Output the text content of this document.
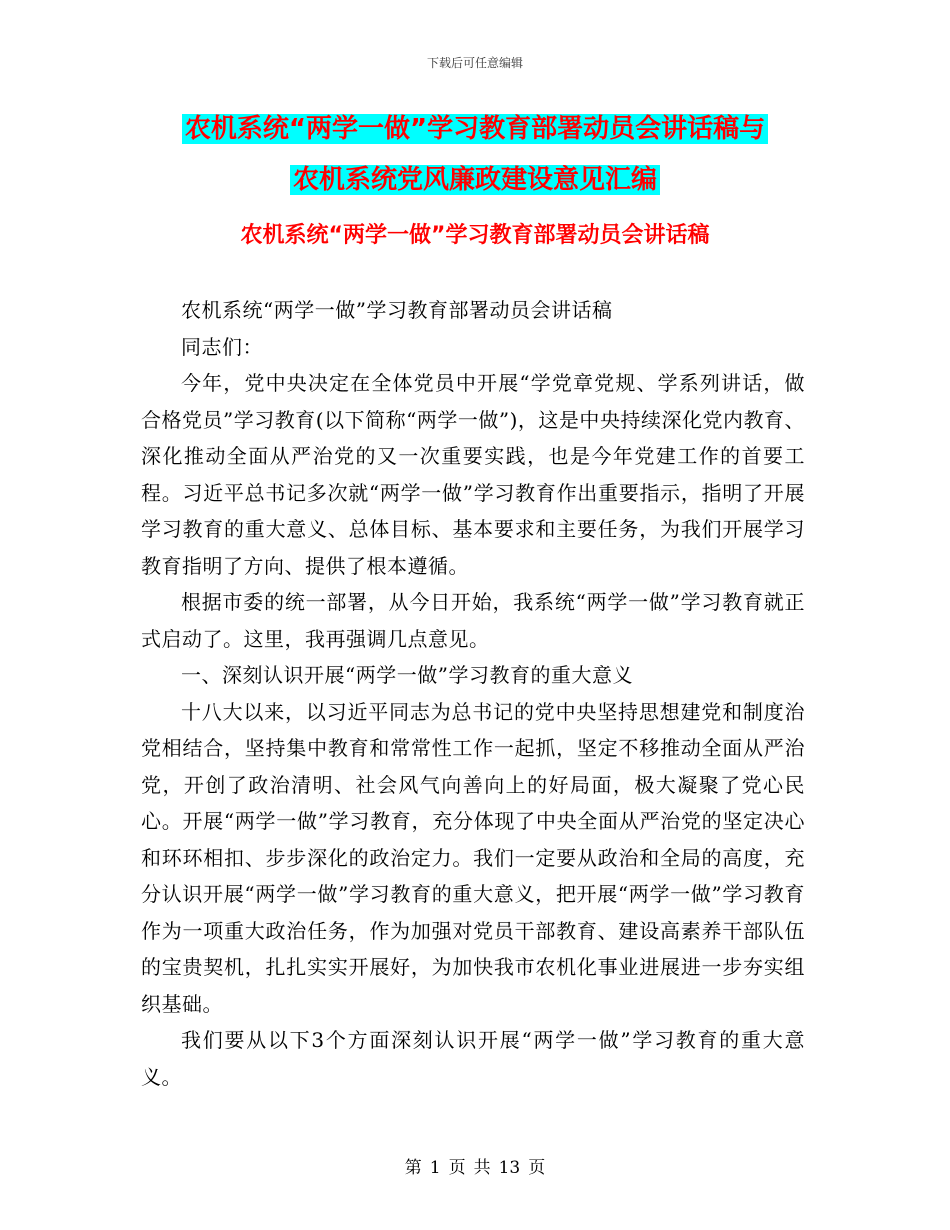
下载后可任意编辑
农机系统“两学一做”学习教育部署动员会讲话稿与
农机系统党风廉政建设意见汇编
农机系统“两学一做”学习教育部署动员会讲话稿

农机系统“两学一做”学习教育部署动员会讲话稿

同志们：

今年，党中央决定在全体党员中开展“学党章党规、学系列讲话，做合格党员”学习教育(以下简称“两学一做”)，这是中央持续深化党内教育、深化推动全面从严治党的又一次重要实践，也是今年党建工作的首要工程。习近平总书记多次就“两学一做”学习教育作出重要指示，指明了开展学习教育的重大意义、总体目标、基本要求和主要任务，为我们开展学习教育指明了方向、提供了根本遵循。

根据市委的统一部署，从今日开始，我系统“两学一做”学习教育就正式启动了。这里，我再强调几点意见。

一、深刻认识开展“两学一做”学习教育的重大意义

十八大以来，以习近平同志为总书记的党中央坚持思想建党和制度治党相结合，坚持集中教育和常常性工作一起抓，坚定不移推动全面从严治党，开创了政治清明、社会风气向善向上的好局面，极大凝聚了党心民心。开展“两学一做”学习教育，充分体现了中央全面从严治党的坚定决心和环环相扣、步步深化的政治定力。我们一定要从政治和全局的高度，充分认识开展“两学一做”学习教育的重大意义，把开展“两学一做”学习教育作为一项重大政治任务，作为加强对党员干部教育、建设高素养干部队伍的宝贵契机，扎扎实实开展好，为加快我市农机化事业进展进一步夯实组织基础。

我们要从以下3个方面深刻认识开展“两学一做”学习教育的重大意义。

第 1 页 共 13 页
